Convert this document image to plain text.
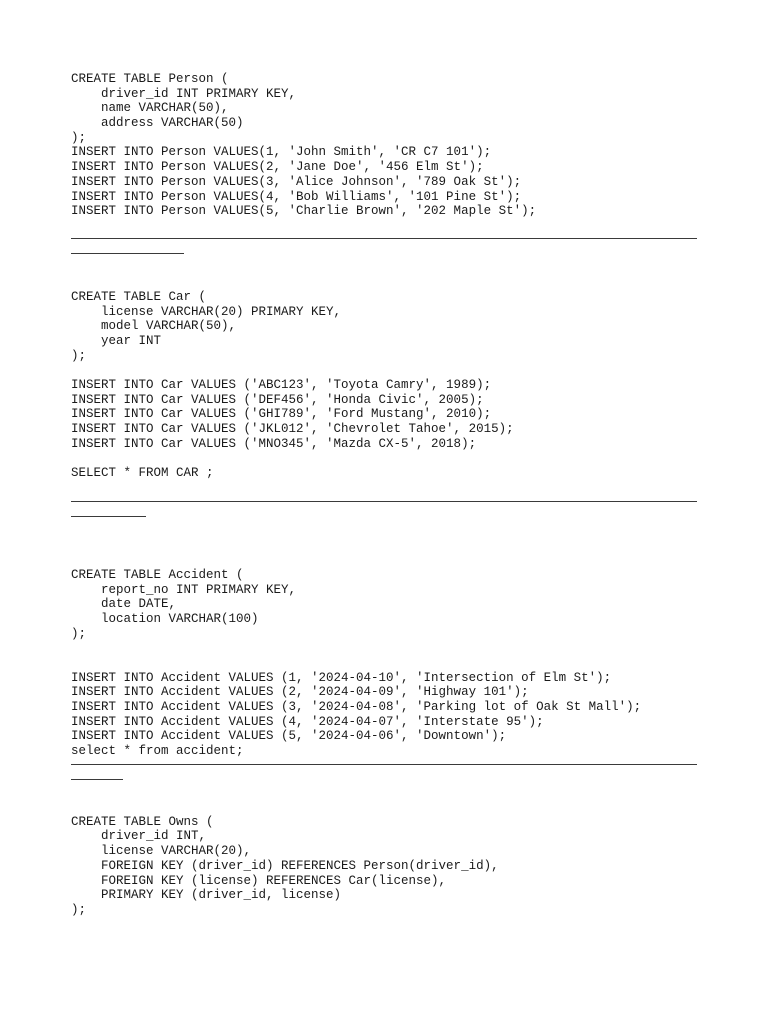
CREATE TABLE Person (
driver_id INT PRIMARY KEY,
name VARCHAR(50),
address VARCHAR(50)
);
INSERT INTO Person VALUES(1, 'John Smith', 'CR C7 101');
INSERT INTO Person VALUES(2, 'Jane Doe', '456 Elm St');
INSERT INTO Person VALUES(3, 'Alice Johnson', '789 Oak St');
INSERT INTO Person VALUES(4, 'Bob Williams', '101 Pine St');
INSERT INTO Person VALUES(5, 'Charlie Brown', '202 Maple St');
CREATE TABLE Car (
license VARCHAR(20) PRIMARY KEY,
model VARCHAR(50),
year INT
);
INSERT INTO Car VALUES ('ABC123', 'Toyota Camry', 1989);
INSERT INTO Car VALUES ('DEF456', 'Honda Civic', 2005);
INSERT INTO Car VALUES ('GHI789', 'Ford Mustang', 2010);
INSERT INTO Car VALUES ('JKL012', 'Chevrolet Tahoe', 2015);
INSERT INTO Car VALUES ('MNO345', 'Mazda CX-5', 2018);
SELECT * FROM CAR ;
CREATE TABLE Accident (
report_no INT PRIMARY KEY,
date DATE,
location VARCHAR(100)
);
INSERT INTO Accident VALUES (1, '2024-04-10', 'Intersection of Elm St');
INSERT INTO Accident VALUES (2, '2024-04-09', 'Highway 101');
INSERT INTO Accident VALUES (3, '2024-04-08', 'Parking lot of Oak St Mall');
INSERT INTO Accident VALUES (4, '2024-04-07', 'Interstate 95');
INSERT INTO Accident VALUES (5, '2024-04-06', 'Downtown');
select * from accident;
CREATE TABLE Owns (
driver_id INT,
license VARCHAR(20),
FOREIGN KEY (driver_id) REFERENCES Person(driver_id),
FOREIGN KEY (license) REFERENCES Car(license),
PRIMARY KEY (driver_id, license)
);
